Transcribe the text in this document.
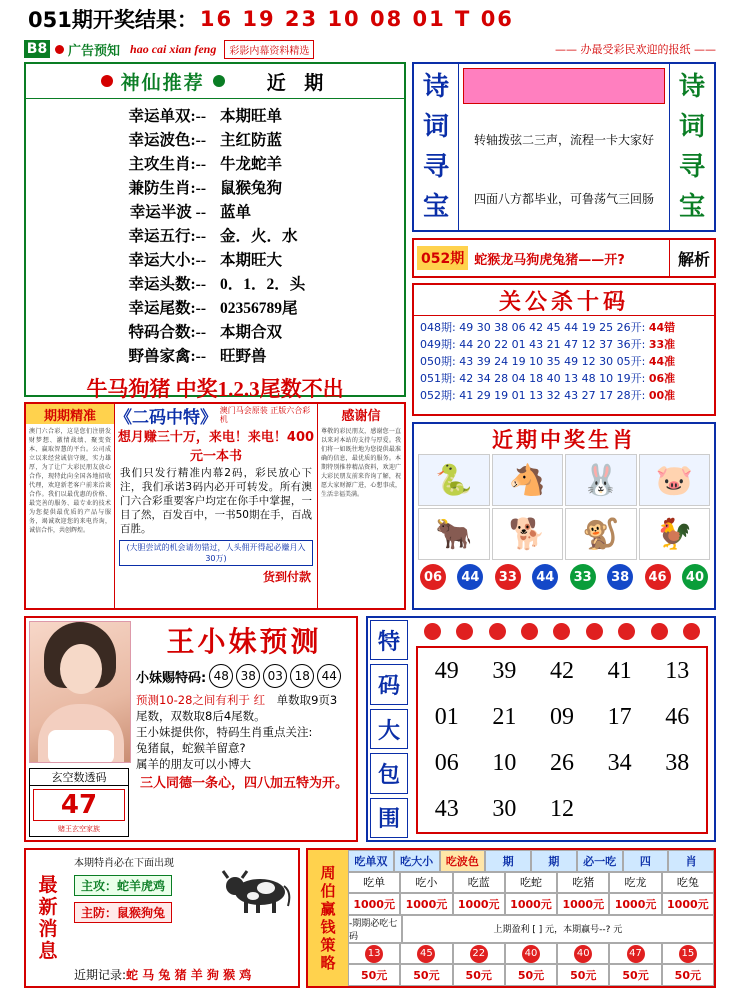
051期开奖结果： 16 19 23 10 08 01 T 06
B8 广告预知 hao cai xian feng	彩影内幕资料精选	—— 办最受彩民欢迎的报纸 ——
神仙推荐	近 期
幸运单双:-- 本期旺单
幸运波色:-- 主红防蓝
主攻生肖:-- 牛龙蛇羊
兼防生肖:-- 鼠猴兔狗
幸运半波 -- 蓝单
幸运五行:-- 金．火．水
幸运大小:-- 本期旺大
幸运头数:-- 0．1．2．头
幸运尾数:-- 02356789尾
特码合数:-- 本期合双
野兽家禽:-- 旺野兽
牛马狗猪 中奖1.2.3尾数不出
诗
词
寻
宝
转轴拨弦二三声，流程一卡大家好
四面八方都毕业，可鲁荡气三回肠
诗
词
寻
宝
052期 蛇猴龙马狗虎兔猪——开?	解析
关公杀十码
048期: 49 30 38 06 42 45 44 19 25 26开: 44错
049期: 44 20 22 01 43 21 47 12 37 36开: 33准
050期: 43 39 24 19 10 35 49 12 30 05开: 44准
051期: 42 34 28 04 18 40 13 48 10 19开: 06准
052期: 41 29 19 01 13 32 43 27 17 28开: 00准
期期精准
澳门六合彩，这是您们注册发财梦想、激情战绩、聚变资本、赢取智慧的平台。公司成立以来经营诚信守规，实力雄厚，为了让广大彩民朋友放心合作，现特此向全国各地招收代理，欢迎新老客户前来洽谈合作。我们以最优惠的价格、最完善的服务、最专业的技术为您提供最优质的产品与服务，竭诚欢迎您的来电咨询，诚信合作，共创辉煌。
《二码中特》 澳门马会原装 正版六合彩机
想月赚三十万，来电！来电！400元一本书
我们只发行精准内幕2码，彩民放心下注，我们承诺3码内必开可转发。所有澳门六合彩重要客户均定在你手中掌握，一目了然，百发百中，一书50期在手，百战百胜。
(大胆尝试的机会请勿错过，人头佣开得起必赚月入30万)
货到付款
感谢信
尊敬的彩民朋友，感谢您一直以来对本站的支持与厚爱。我们将一如既往地为您提供最准确的信息，最优质的服务。本期特别推荐精品资料，欢迎广大彩民朋友前来咨询了解，祝愿大家财源广进，心想事成，生活幸福美满。
近期中奖生肖
🐍	🐴	🐰	🐷
🐂	🐕	🐒	🐓
06	44	33	44	33	38	46	40
玄空数透码
47
赌王玄空家族
王小妹预测
小妹赐特码: 48 38 03 18 44
预测10-28之间有利于 红　 单数取9页3
尾数，双数取8后4尾数。
王小妹提供你，特码生肖重点关注:
兔猪鼠，蛇猴羊留意?
属羊的朋友可以小博大
三人同德一条心，四八加五特为开。
特
码
大
包
围
49	39	42	41	13
01	21	09	17	46
06	10	26	34	38
43	30	12
最
新
消
息
本期特肖必在下面出现
主攻：蛇羊虎鸡
主防：鼠猴狗兔
近期记录:蛇 马 兔 猪 羊 狗 猴 鸡
周
伯
赢
钱
策
略
吃单双	吃大小	吃波色	期	期	必一吃	四	肖
吃单	吃小	吃蓝	吃蛇	吃猪	吃龙	吃兔
1000元 1000元 1000元 1000元 1000元 1000元 1000元
-期期必吃七码
上期盈利 [ ] 元，本期赢号--? 元
13	45	22	40	40	47	15
50元	50元	50元	50元	50元	50元	50元
